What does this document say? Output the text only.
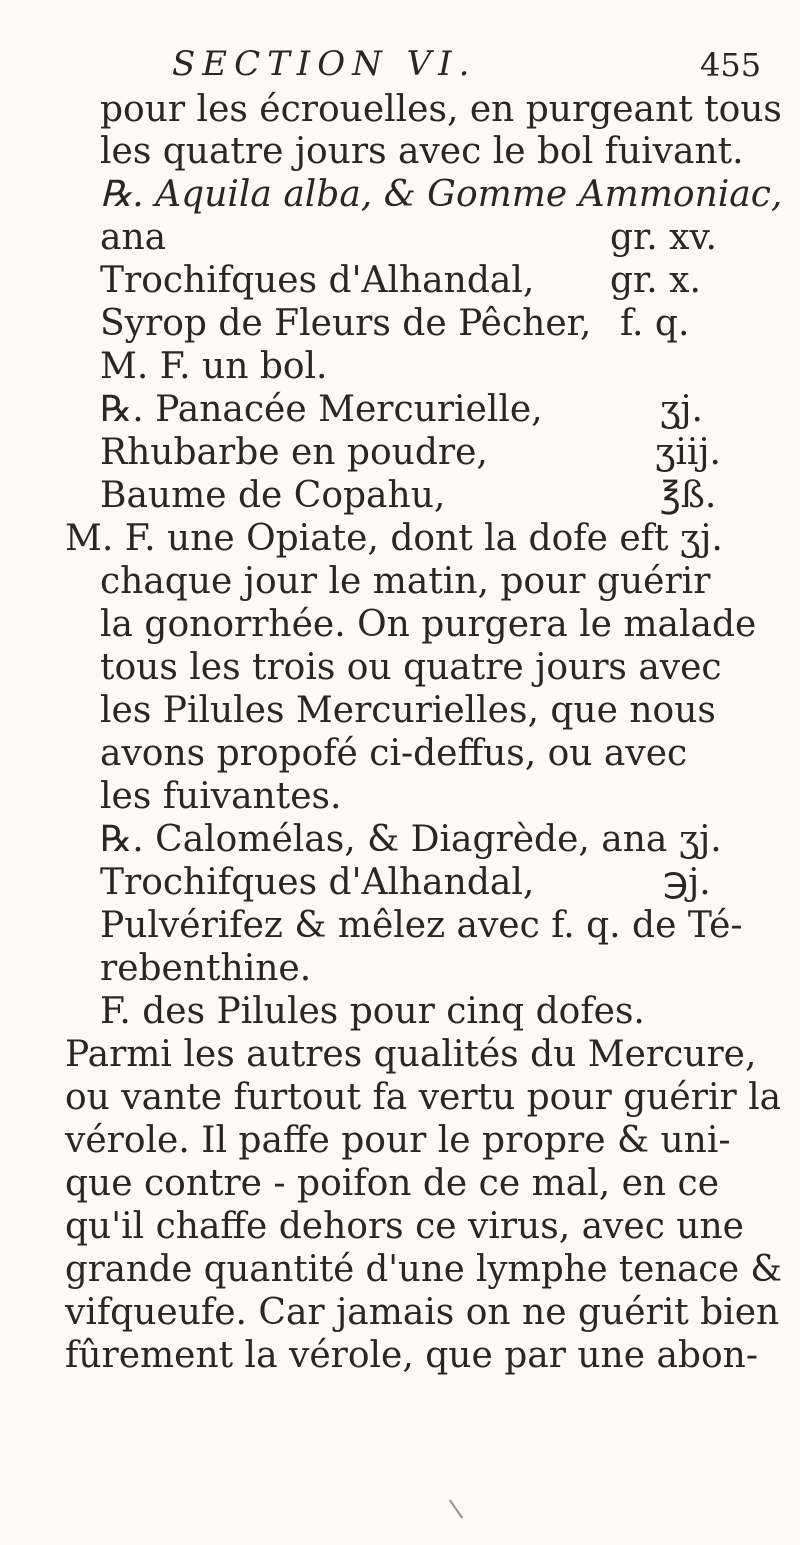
SECTION VI.	455
pour les écrouelles, en purgeant tous
les quatre jours avec le bol fuivant.
℞. Aquila alba, & Gomme Ammoniac,
ana	gr. xv.
Trochifques d'Alhandal, gr. x.
Syrop de Fleurs de Pêcher, f. q.
M. F. un bol.
℞. Panacée Mercurielle,	ʒj.
Rhubarbe en poudre,	ʒiij.
Baume de Copahu,	℥ß.
M. F. une Opiate, dont la dofe eft ʒj.
chaque jour le matin, pour guérir
la gonorrhée. On purgera le malade
tous les trois ou quatre jours avec
les Pilules Mercurielles, que nous
avons propofé ci-deffus, ou avec
les fuivantes.
℞. Calomélas, & Diagrède, ana ʒj.
Trochifques d'Alhandal,	℈j.
Pulvérifez & mêlez avec f. q. de Té-
rebenthine.
F. des Pilules pour cinq dofes.
Parmi les autres qualités du Mercure,
ou vante furtout fa vertu pour guérir la
vérole. Il paffe pour le propre & uni-
que contre - poifon de ce mal, en ce
qu'il chaffe dehors ce virus, avec une
grande quantité d'une lymphe tenace &
vifqueufe. Car jamais on ne guérit bien
fûrement la vérole, que par une abon-
